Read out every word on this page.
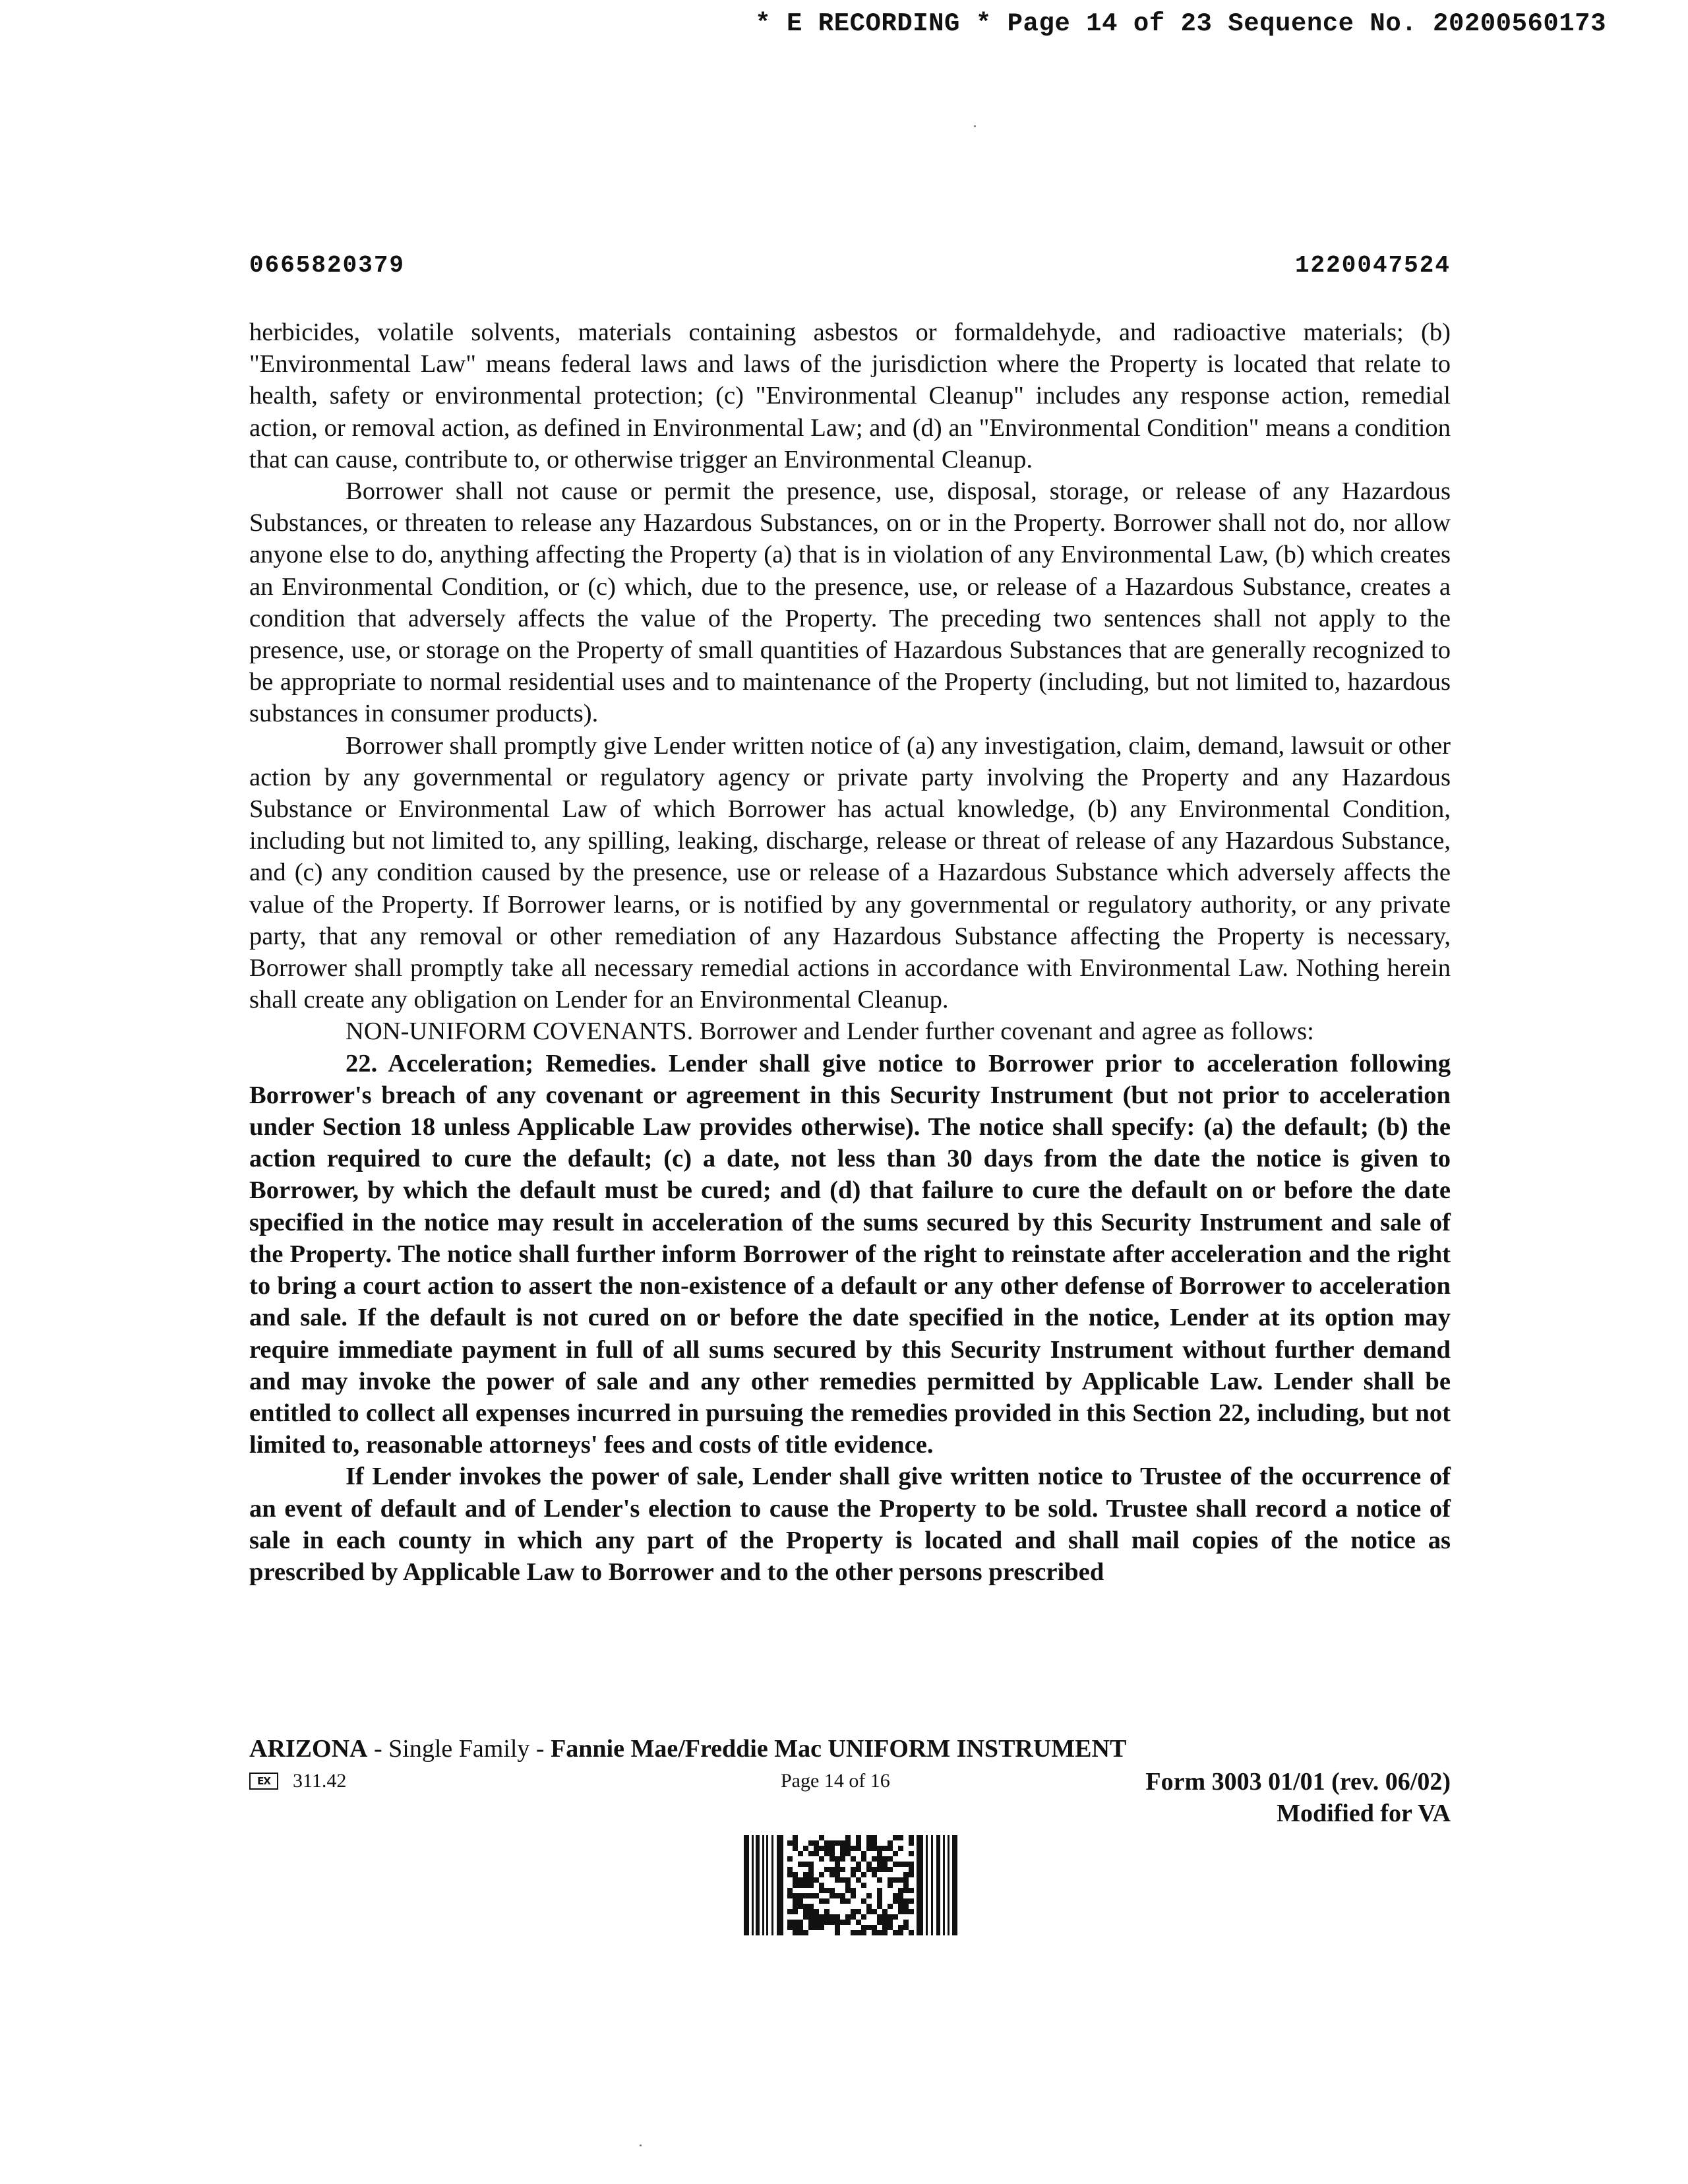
* E RECORDING * Page 14 of 23 Sequence No. 20200560173
0665820379	1220047524

herbicides, volatile solvents, materials containing asbestos or formaldehyde, and radioactive materials; (b) "Environmental Law" means federal laws and laws of the jurisdiction where the Property is located that relate to health, safety or environmental protection; (c) "Environmental Cleanup" includes any response action, remedial action, or removal action, as defined in Environmental Law; and (d) an "Environmental Condition" means a condition that can cause, contribute to, or otherwise trigger an Environmental Cleanup.

Borrower shall not cause or permit the presence, use, disposal, storage, or release of any Hazardous Substances, or threaten to release any Hazardous Substances, on or in the Property. Borrower shall not do, nor allow anyone else to do, anything affecting the Property (a) that is in violation of any Environmental Law, (b) which creates an Environmental Condition, or (c) which, due to the presence, use, or release of a Hazardous Substance, creates a condition that adversely affects the value of the Property. The preceding two sentences shall not apply to the presence, use, or storage on the Property of small quantities of Hazardous Substances that are generally recognized to be appropriate to normal residential uses and to maintenance of the Property (including, but not limited to, hazardous substances in consumer products).

Borrower shall promptly give Lender written notice of (a) any investigation, claim, demand, lawsuit or other action by any governmental or regulatory agency or private party involving the Property and any Hazardous Substance or Environmental Law of which Borrower has actual knowledge, (b) any Environmental Condition, including but not limited to, any spilling, leaking, discharge, release or threat of release of any Hazardous Substance, and (c) any condition caused by the presence, use or release of a Hazardous Substance which adversely affects the value of the Property. If Borrower learns, or is notified by any governmental or regulatory authority, or any private party, that any removal or other remediation of any Hazardous Substance affecting the Property is necessary, Borrower shall promptly take all necessary remedial actions in accordance with Environmental Law. Nothing herein shall create any obligation on Lender for an Environmental Cleanup.

NON-UNIFORM COVENANTS. Borrower and Lender further covenant and agree as follows:

22. Acceleration; Remedies. Lender shall give notice to Borrower prior to acceleration following Borrower's breach of any covenant or agreement in this Security Instrument (but not prior to acceleration under Section 18 unless Applicable Law provides otherwise). The notice shall specify: (a) the default; (b) the action required to cure the default; (c) a date, not less than 30 days from the date the notice is given to Borrower, by which the default must be cured; and (d) that failure to cure the default on or before the date specified in the notice may result in acceleration of the sums secured by this Security Instrument and sale of the Property. The notice shall further inform Borrower of the right to reinstate after acceleration and the right to bring a court action to assert the non-existence of a default or any other defense of Borrower to acceleration and sale. If the default is not cured on or before the date specified in the notice, Lender at its option may require immediate payment in full of all sums secured by this Security Instrument without further demand and may invoke the power of sale and any other remedies permitted by Applicable Law. Lender shall be entitled to collect all expenses incurred in pursuing the remedies provided in this Section 22, including, but not limited to, reasonable attorneys' fees and costs of title evidence.

If Lender invokes the power of sale, Lender shall give written notice to Trustee of the occurrence of an event of default and of Lender's election to cause the Property to be sold. Trustee shall record a notice of sale in each county in which any part of the Property is located and shall mail copies of the notice as prescribed by Applicable Law to Borrower and to the other persons prescribed

ARIZONA - Single Family - Fannie Mae/Freddie Mac UNIFORM INSTRUMENT
EX	311.42	Page 14 of 16	Form 3003 01/01 (rev. 06/02)
Modified for VA
